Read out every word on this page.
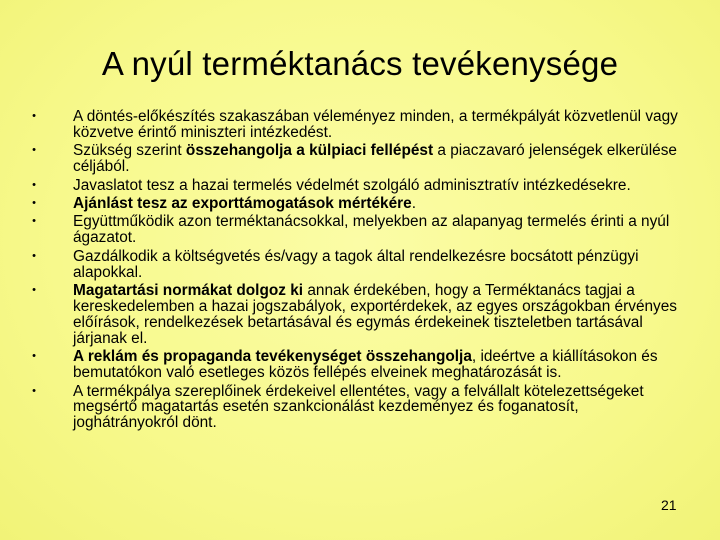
A nyúl terméktanács tevékenysége
• A döntés-előkészítés szakaszában véleményez minden, a termékpályát közvetlenül vagy közvetve érintő miniszteri intézkedést.
• Szükség szerint összehangolja a külpiaci fellépést a piaczavaró jelenségek elkerülése céljából.
• Javaslatot tesz a hazai termelés védelmét szolgáló adminisztratív intézkedésekre.
• Ajánlást tesz az exporttámogatások mértékére.
• Együttműködik azon terméktanácsokkal, melyekben az alapanyag termelés érinti a nyúl ágazatot.
• Gazdálkodik a költségvetés és/vagy a tagok által rendelkezésre bocsátott pénzügyi alapokkal.
• Magatartási normákat dolgoz ki annak érdekében, hogy a Terméktanács tagjai a kereskedelemben a hazai jogszabályok, exportérdekek, az egyes országokban érvényes előírások, rendelkezések betartásával és egymás érdekeinek tiszteletben tartásával járjanak el.
• A reklám és propaganda tevékenységet összehangolja, ideértve a kiállításokon és bemutatókon való esetleges közös fellépés elveinek meghatározását is.
• A termékpálya szereplőinek érdekeivel ellentétes, vagy a felvállalt kötelezettségeket megsértő magatartás esetén szankcionálást kezdeményez és foganatosít, joghátrányokról dönt.
21
